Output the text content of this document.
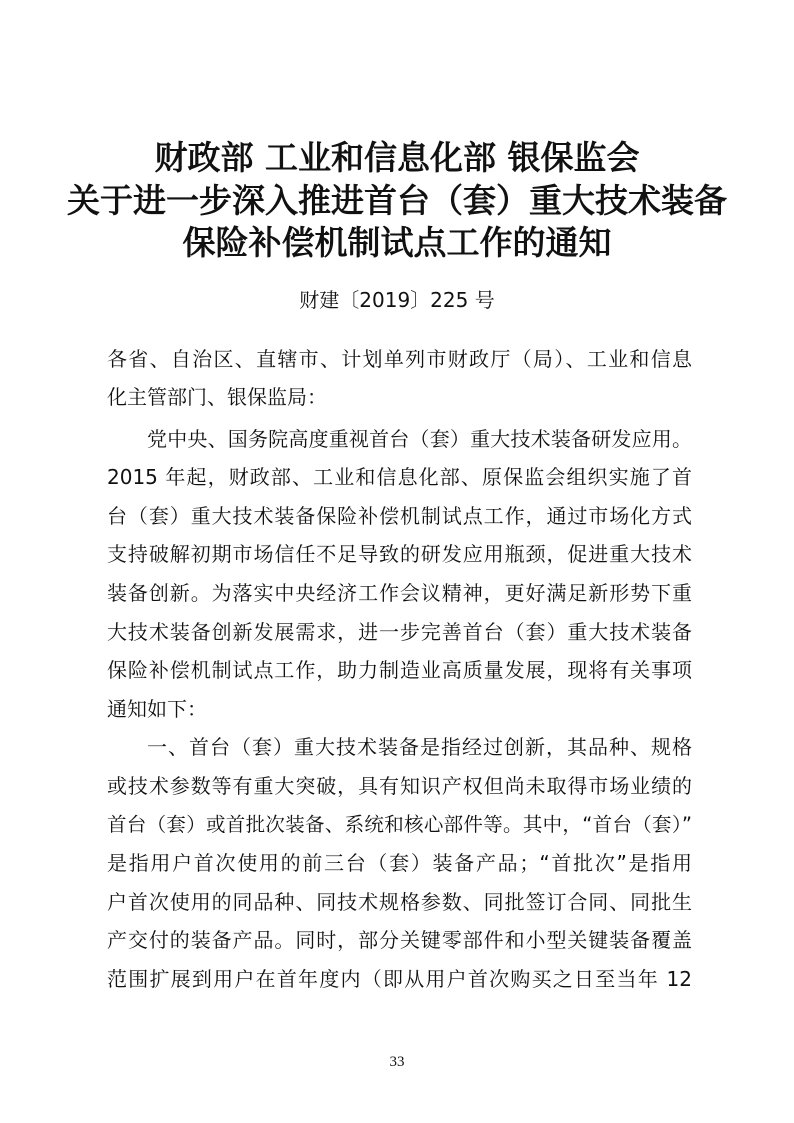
财政部 工业和信息化部 银保监会
关于进一步深入推进首台（套）重大技术装备
保险补偿机制试点工作的通知
财建〔2019〕225 号
各省、自治区、直辖市、计划单列市财政厅（局）、工业和信息
化主管部门、银保监局：
党中央、国务院高度重视首台（套）重大技术装备研发应用。
2015 年起，财政部、工业和信息化部、原保监会组织实施了首
台（套）重大技术装备保险补偿机制试点工作，通过市场化方式
支持破解初期市场信任不足导致的研发应用瓶颈，促进重大技术
装备创新。为落实中央经济工作会议精神，更好满足新形势下重
大技术装备创新发展需求，进一步完善首台（套）重大技术装备
保险补偿机制试点工作，助力制造业高质量发展，现将有关事项
通知如下：
一、首台（套）重大技术装备是指经过创新，其品种、规格
或技术参数等有重大突破，具有知识产权但尚未取得市场业绩的
首台（套）或首批次装备、系统和核心部件等。其中，“首台（套）”
是指用户首次使用的前三台（套）装备产品；“首批次”是指用
户首次使用的同品种、同技术规格参数、同批签订合同、同批生
产交付的装备产品。同时，部分关键零部件和小型关键装备覆盖
范围扩展到用户在首年度内（即从用户首次购买之日至当年 12
33
